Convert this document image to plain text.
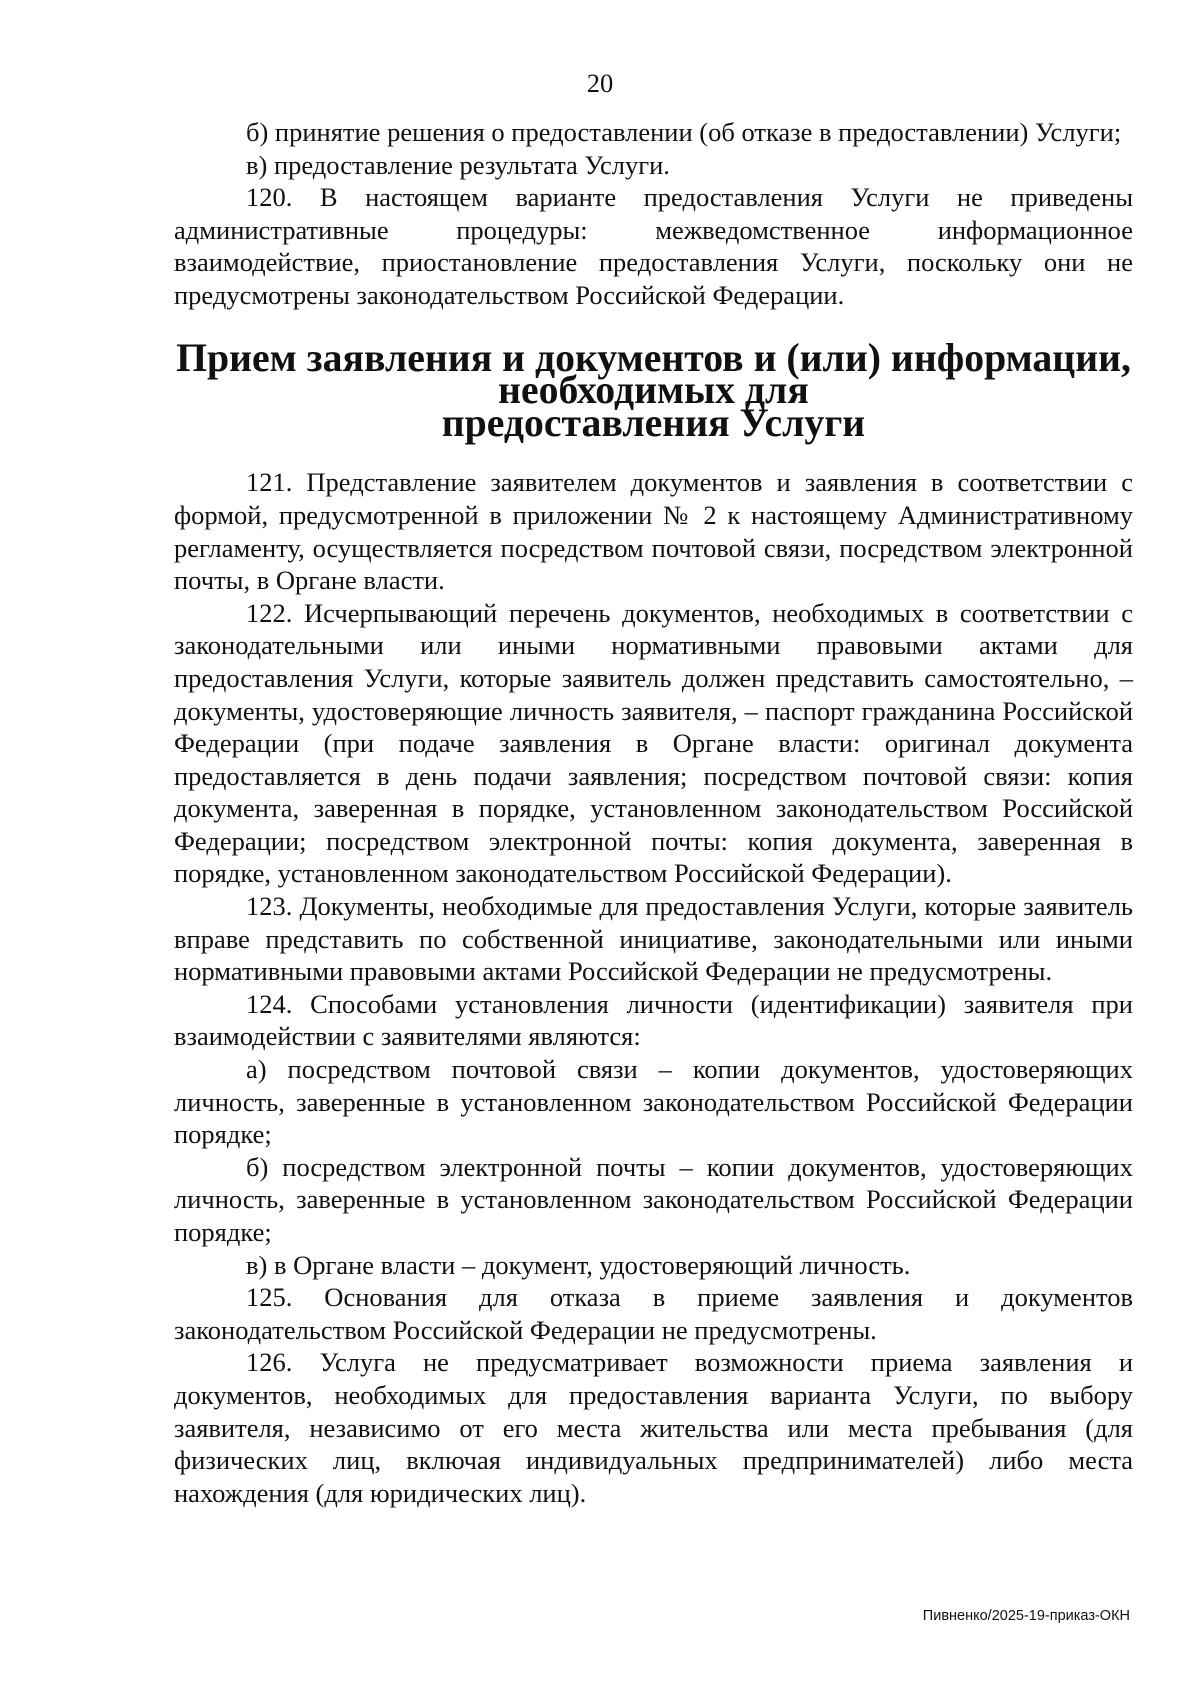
20

б) принятие решения о предоставлении (об отказе в предоставлении) Услуги;

в) предоставление результата Услуги.

120. В настоящем варианте предоставления Услуги не приведены административные процедуры: межведомственное информационное взаимодействие, приостановление предоставления Услуги, поскольку они не предусмотрены законодательством Российской Федерации.

Прием заявления и документов и (или) информации, необходимых для
предоставления Услуги

121. Представление заявителем документов и заявления в соответствии с формой, предусмотренной в приложении № 2 к настоящему Административному регламенту, осуществляется посредством почтовой связи, посредством электронной почты, в Органе власти.

122. Исчерпывающий перечень документов, необходимых в соответствии с законодательными или иными нормативными правовыми актами для предоставления Услуги, которые заявитель должен представить самостоятельно, – документы, удостоверяющие личность заявителя, – паспорт гражданина Российской Федерации (при подаче заявления в Органе власти: оригинал документа предоставляется в день подачи заявления; посредством почтовой связи: копия документа, заверенная в порядке, установленном законодательством Российской Федерации; посредством электронной почты: копия документа, заверенная в порядке, установленном законодательством Российской Федерации).

123. Документы, необходимые для предоставления Услуги, которые заявитель вправе представить по собственной инициативе, законодательными или иными нормативными правовыми актами Российской Федерации не предусмотрены.

124. Способами установления личности (идентификации) заявителя при взаимодействии с заявителями являются:

а) посредством почтовой связи – копии документов, удостоверяющих личность, заверенные в установленном законодательством Российской Федерации порядке;

б) посредством электронной почты – копии документов, удостоверяющих личность, заверенные в установленном законодательством Российской Федерации порядке;

в) в Органе власти – документ, удостоверяющий личность.

125. Основания для отказа в приеме заявления и документов законодательством Российской Федерации не предусмотрены.

126. Услуга не предусматривает возможности приема заявления и документов, необходимых для предоставления варианта Услуги, по выбору заявителя, независимо от его места жительства или места пребывания (для физических лиц, включая индивидуальных предпринимателей) либо места нахождения (для юридических лиц).

Пивненко/2025-19-приказ-ОКН
